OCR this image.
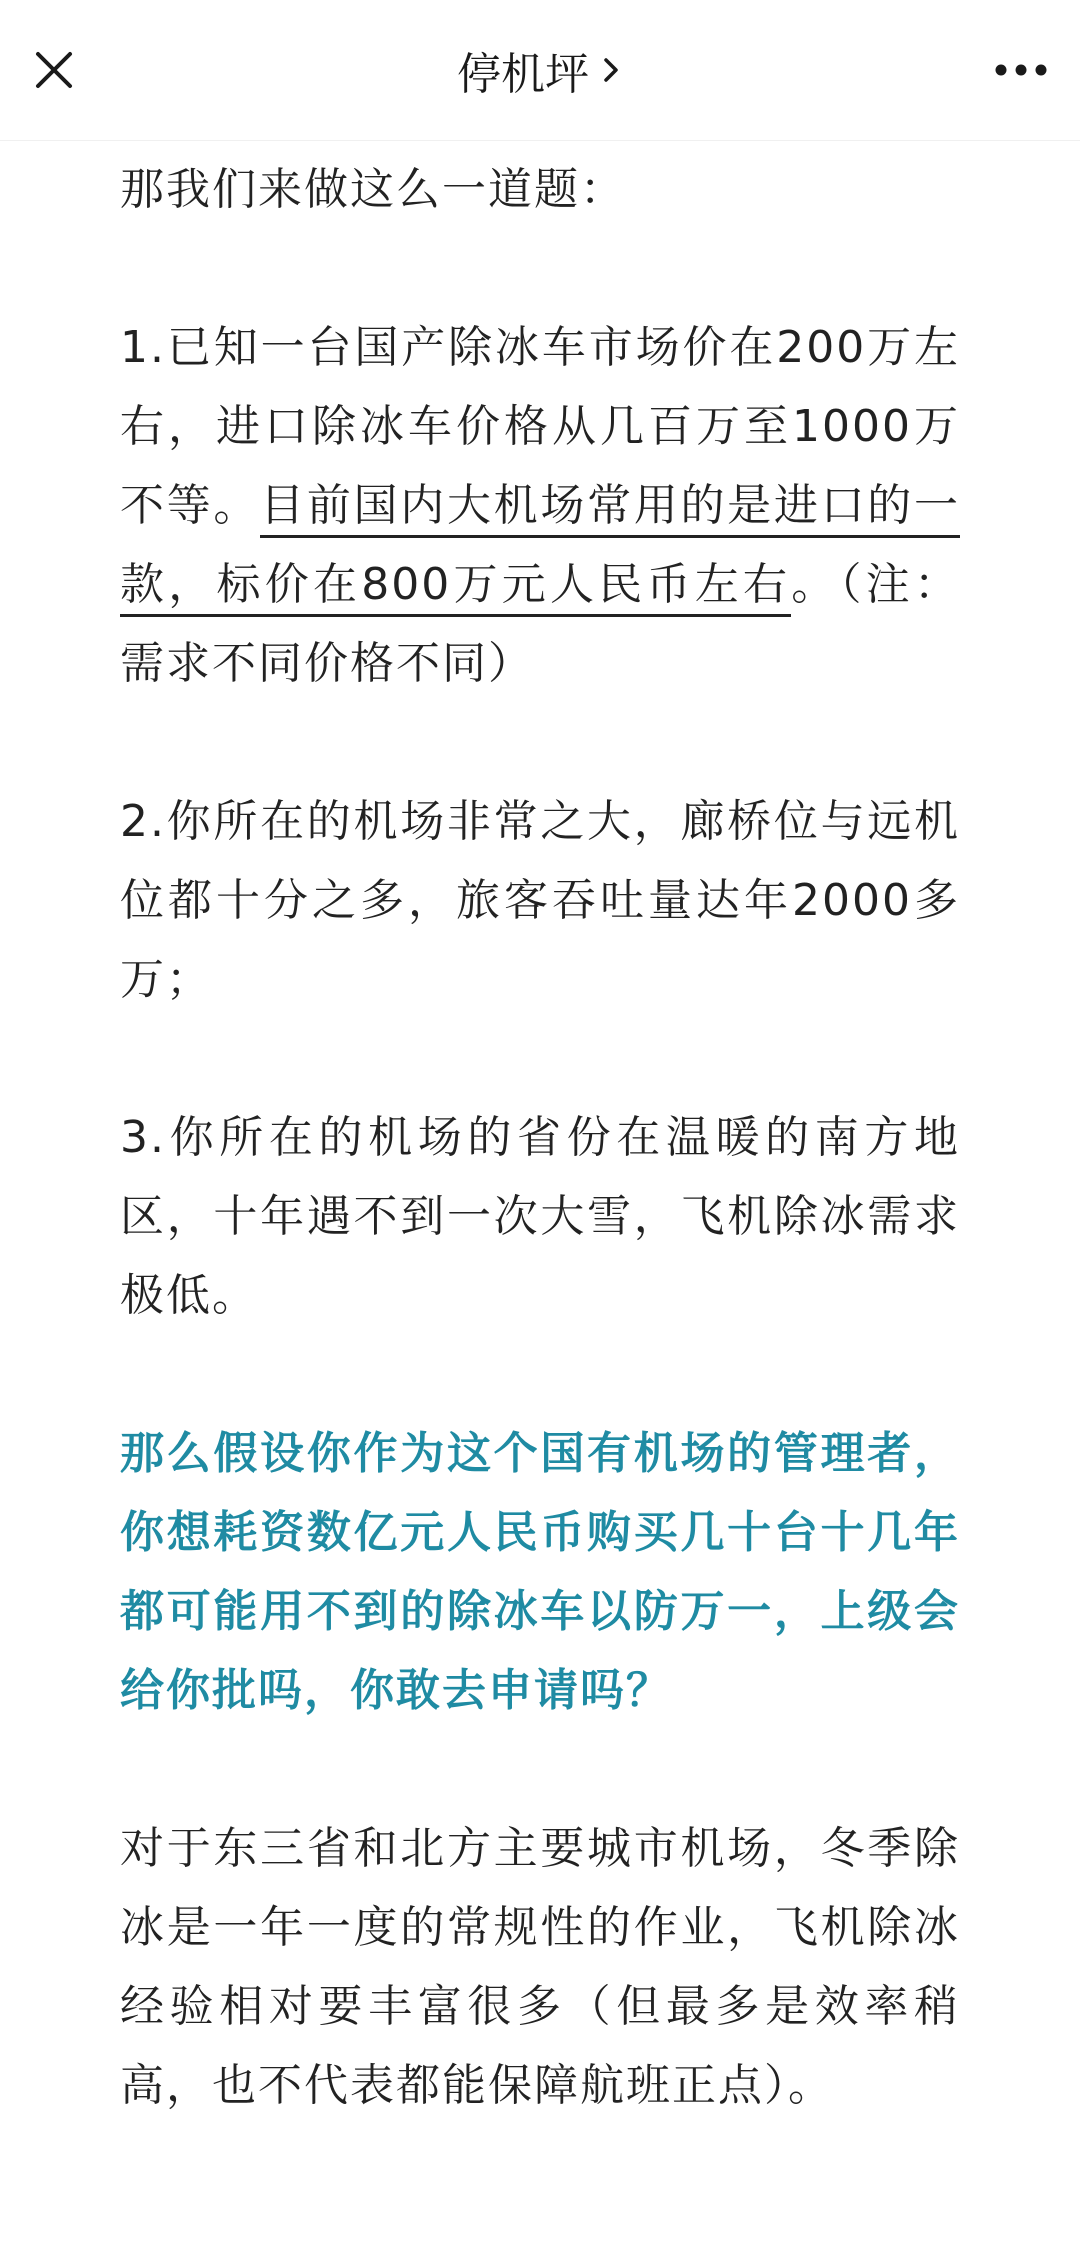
停机坪

那我们来做这么一道题：

1.已知一台国产除冰车市场价在200万左右，进口除冰车价格从几百万至1000万不等。目前国内大机场常用的是进口的一款，标价在800万元人民币左右。（注：需求不同价格不同）

2.你所在的机场非常之大，廊桥位与远机位都十分之多，旅客吞吐量达年2000多万；

3.你所在的机场的省份在温暖的南方地区，十年遇不到一次大雪，飞机除冰需求极低。

那么假设你作为这个国有机场的管理者，你想耗资数亿元人民币购买几十台十几年都可能用不到的除冰车以防万一，上级会给你批吗，你敢去申请吗？

对于东三省和北方主要城市机场，冬季除冰是一年一度的常规性的作业，飞机除冰经验相对要丰富很多（但最多是效率稍高，也不代表都能保障航班正点）。
